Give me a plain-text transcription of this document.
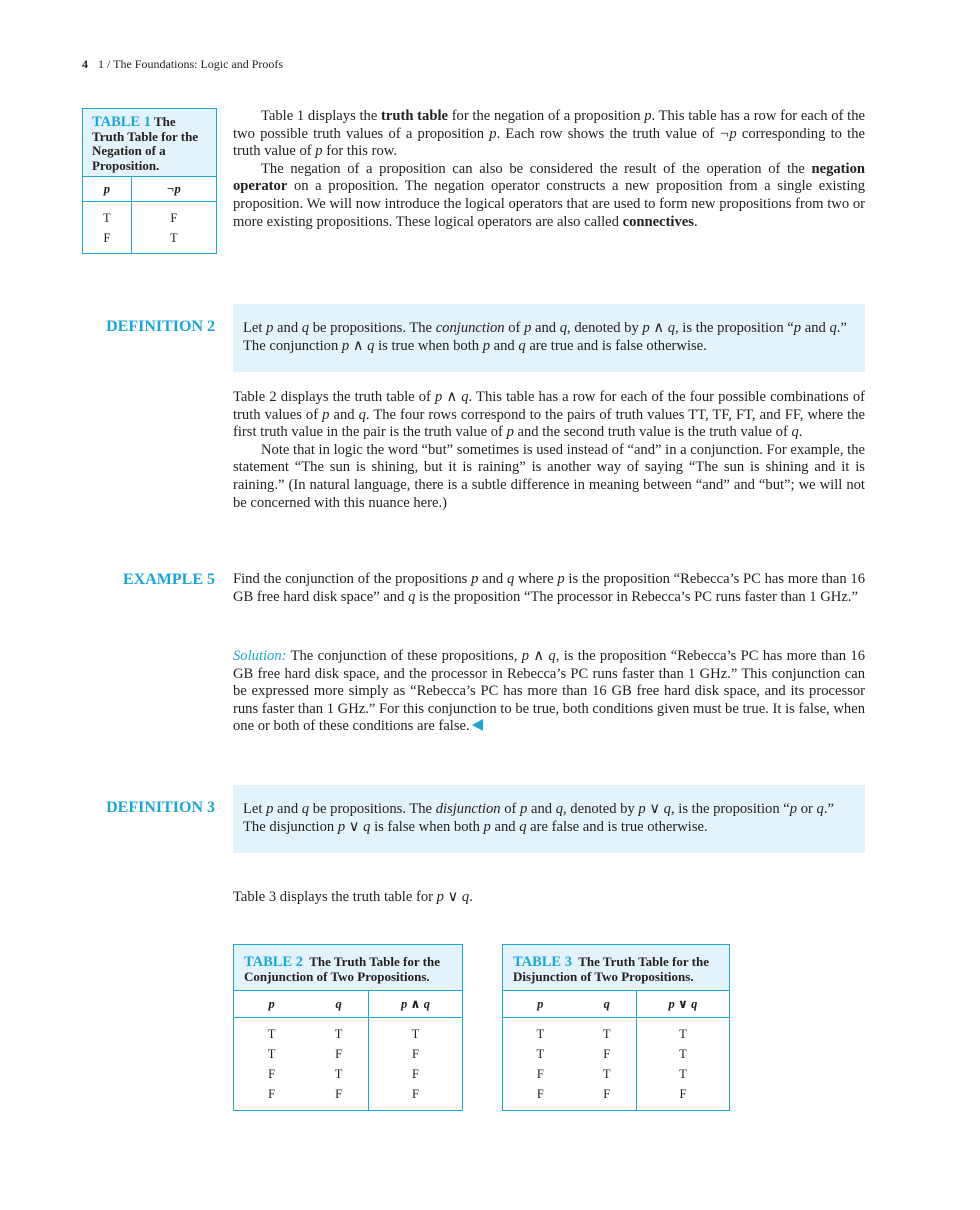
4 1 / The Foundations: Logic and Proofs
TABLE 1 The Truth Table for the Negation of a Proposition.
p	¬p
T	F
F	T

Table 1 displays the truth table for the negation of a proposition p. This table has a row for each of the two possible truth values of a proposition p. Each row shows the truth value of ¬p corresponding to the truth value of p for this row.

The negation of a proposition can also be considered the result of the operation of the negation operator on a proposition. The negation operator constructs a new proposition from a single existing proposition. We will now introduce the logical operators that are used to form new propositions from two or more existing propositions. These logical operators are also called connectives.

DEFINITION 2	Let p and q be propositions. The conjunction of p and q, denoted by p ∧ q, is the proposition “p and q.” The conjunction p ∧ q is true when both p and q are true and is false otherwise.

Table 2 displays the truth table of p ∧ q. This table has a row for each of the four possible combinations of truth values of p and q. The four rows correspond to the pairs of truth values TT, TF, FT, and FF, where the first truth value in the pair is the truth value of p and the second truth value is the truth value of q.

Note that in logic the word “but” sometimes is used instead of “and” in a conjunction. For example, the statement “The sun is shining, but it is raining” is another way of saying “The sun is shining and it is raining.” (In natural language, there is a subtle difference in meaning between “and” and “but”; we will not be concerned with this nuance here.)

EXAMPLE 5 Find the conjunction of the propositions p and q where p is the proposition “Rebecca’s PC has more than 16 GB free hard disk space” and q is the proposition “The processor in Rebecca’s PC runs faster than 1 GHz.”

Solution: The conjunction of these propositions, p ∧ q, is the proposition “Rebecca’s PC has more than 16 GB free hard disk space, and the processor in Rebecca’s PC runs faster than 1 GHz.” This conjunction can be expressed more simply as “Rebecca’s PC has more than 16 GB free hard disk space, and its processor runs faster than 1 GHz.” For this conjunction to be true, both conditions given must be true. It is false, when one or both of these conditions are false.

DEFINITION 3	Let p and q be propositions. The disjunction of p and q, denoted by p ∨ q, is the proposition “p or q.” The disjunction p ∨ q is false when both p and q are false and is true otherwise.

Table 3 displays the truth table for p ∨ q.

TABLE 2 The Truth Table for the Conjunction of Two Propositions.
p	q	p ∧ q
T	T	T
T	F	F
F	T	F
F	F	F
TABLE 3 The Truth Table for the Disjunction of Two Propositions.
p	q	p ∨ q
T	T	T
T	F	T
F	T	T
F	F	F
